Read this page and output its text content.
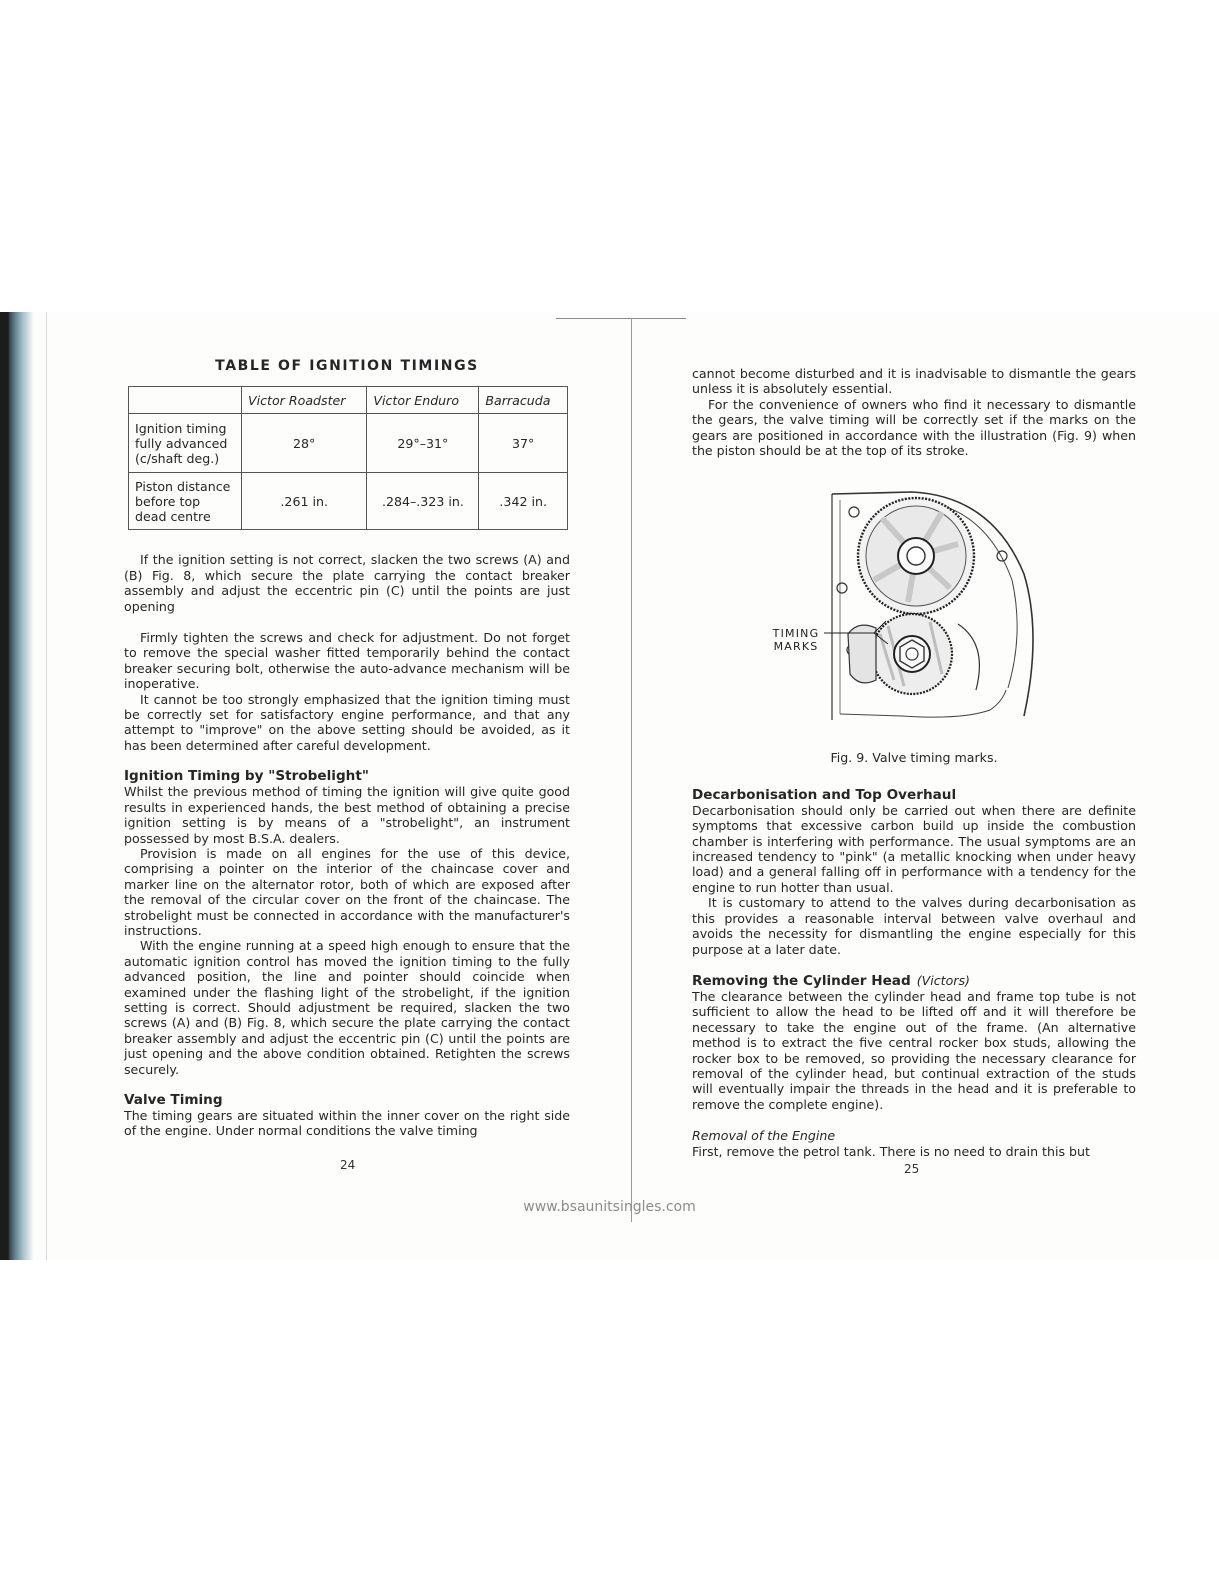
TABLE OF IGNITION TIMINGS
	Victor Roadster	Victor Enduro	Barracuda
Ignition timing fully advanced (c/shaft deg.)	28°	29°–31°	37°
Piston distance before top dead centre	.261 in.	.284–.323 in.	.342 in.

If the ignition setting is not correct, slacken the two screws (A) and (B) Fig. 8, which secure the plate carrying the contact breaker assembly and adjust the eccentric pin (C) until the points are just opening

Firmly tighten the screws and check for adjustment. Do not forget to remove the special washer fitted temporarily behind the contact breaker securing bolt, otherwise the auto-advance mechanism will be inoperative.

It cannot be too strongly emphasized that the ignition timing must be correctly set for satisfactory engine performance, and that any attempt to "improve" on the above setting should be avoided, as it has been determined after careful development.

Ignition Timing by "Strobelight"

Whilst the previous method of timing the ignition will give quite good results in experienced hands, the best method of obtaining a precise ignition setting is by means of a "strobelight", an instrument possessed by most B.S.A. dealers.

Provision is made on all engines for the use of this device, comprising a pointer on the interior of the chaincase cover and marker line on the alternator rotor, both of which are exposed after the removal of the circular cover on the front of the chaincase. The strobelight must be connected in accordance with the manufacturer's instructions.

With the engine running at a speed high enough to ensure that the automatic ignition control has moved the ignition timing to the fully advanced position, the line and pointer should coincide when examined under the flashing light of the strobelight, if the ignition setting is correct. Should adjustment be required, slacken the two screws (A) and (B) Fig. 8, which secure the plate carrying the contact breaker assembly and adjust the eccentric pin (C) until the points are just opening and the above condition obtained. Retighten the screws securely.

Valve Timing

The timing gears are situated within the inner cover on the right side of the engine. Under normal conditions the valve timing

24

cannot become disturbed and it is inadvisable to dismantle the gears unless it is absolutely essential.

For the convenience of owners who find it necessary to dismantle the gears, the valve timing will be correctly set if the marks on the gears are positioned in accordance with the illustration (Fig. 9) when the piston should be at the top of its stroke.

TIMING
MARKS

Fig. 9. Valve timing marks.

Decarbonisation and Top Overhaul

Decarbonisation should only be carried out when there are definite symptoms that excessive carbon build up inside the combustion chamber is interfering with performance. The usual symptoms are an increased tendency to "pink" (a metallic knocking when under heavy load) and a general falling off in performance with a tendency for the engine to run hotter than usual.

It is customary to attend to the valves during decarbonisation as this provides a reasonable interval between valve overhaul and avoids the necessity for dismantling the engine especially for this purpose at a later date.

Removing the Cylinder Head (Victors)

The clearance between the cylinder head and frame top tube is not sufficient to allow the head to be lifted off and it will therefore be necessary to take the engine out of the frame. (An alternative method is to extract the five central rocker box studs, allowing the rocker box to be removed, so providing the necessary clearance for removal of the cylinder head, but continual extraction of the studs will eventually impair the threads in the head and it is preferable to remove the complete engine).

Removal of the Engine

First, remove the petrol tank. There is no need to drain this but

25
www.bsaunitsingles.com
